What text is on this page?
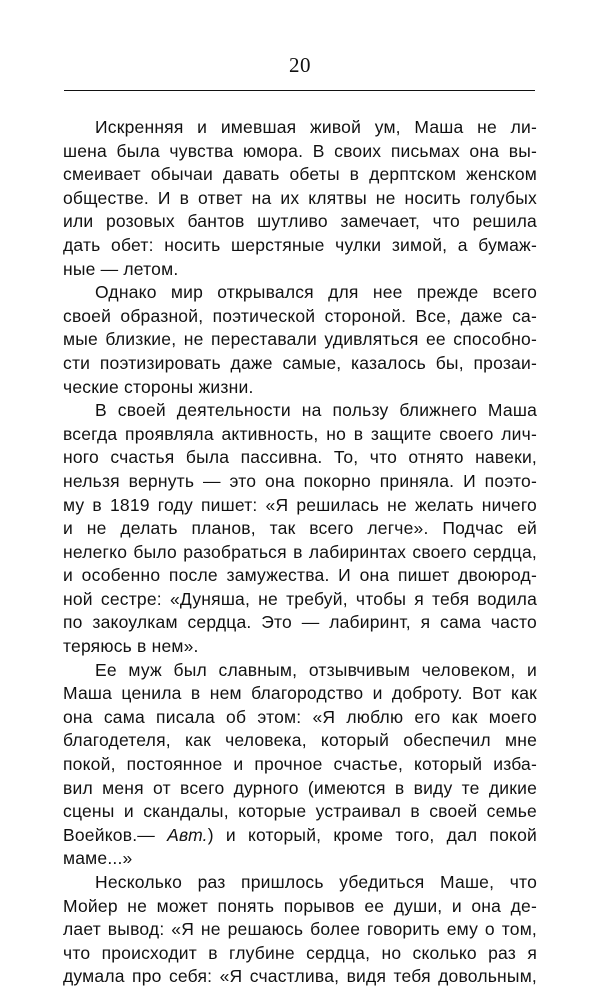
20
Искренняя и имевшая живой ум, Маша не ли-
шена была чувства юмора. В своих письмах она вы-
смеивает обычаи давать обеты в дерптском женском
обществе. И в ответ на их клятвы не носить голубых
или розовых бантов шутливо замечает, что решила
дать обет: носить шерстяные чулки зимой, а бумаж-
ные — летом.
Однако мир открывался для нее прежде всего
своей образной, поэтической стороной. Все, даже са-
мые близкие, не переставали удивляться ее способно-
сти поэтизировать даже самые, казалось бы, прозаи-
ческие стороны жизни.
В своей деятельности на пользу ближнего Маша
всегда проявляла активность, но в защите своего лич-
ного счастья была пассивна. То, что отнято навеки,
нельзя вернуть — это она покорно приняла. И поэто-
му в 1819 году пишет: «Я решилась не желать ничего
и не делать планов, так всего легче». Подчас ей
нелегко было разобраться в лабиринтах своего сердца,
и особенно после замужества. И она пишет двоюрод-
ной сестре: «Дуняша, не требуй, чтобы я тебя водила
по закоулкам сердца. Это — лабиринт, я сама часто
теряюсь в нем».
Ее муж был славным, отзывчивым человеком, и
Маша ценила в нем благородство и доброту. Вот как
она сама писала об этом: «Я люблю его как моего
благодетеля, как человека, который обеспечил мне
покой, постоянное и прочное счастье, который изба-
вил меня от всего дурного (имеются в виду те дикие
сцены и скандалы, которые устраивал в своей семье
Воейков.— Авт.) и который, кроме того, дал покой
маме...»
Несколько раз пришлось убедиться Маше, что
Мойер не может понять порывов ее души, и она де-
лает вывод: «Я не решаюсь более говорить ему о том,
что происходит в глубине сердца, но сколько раз я
думала про себя: «Я счастлива, видя тебя довольным,
